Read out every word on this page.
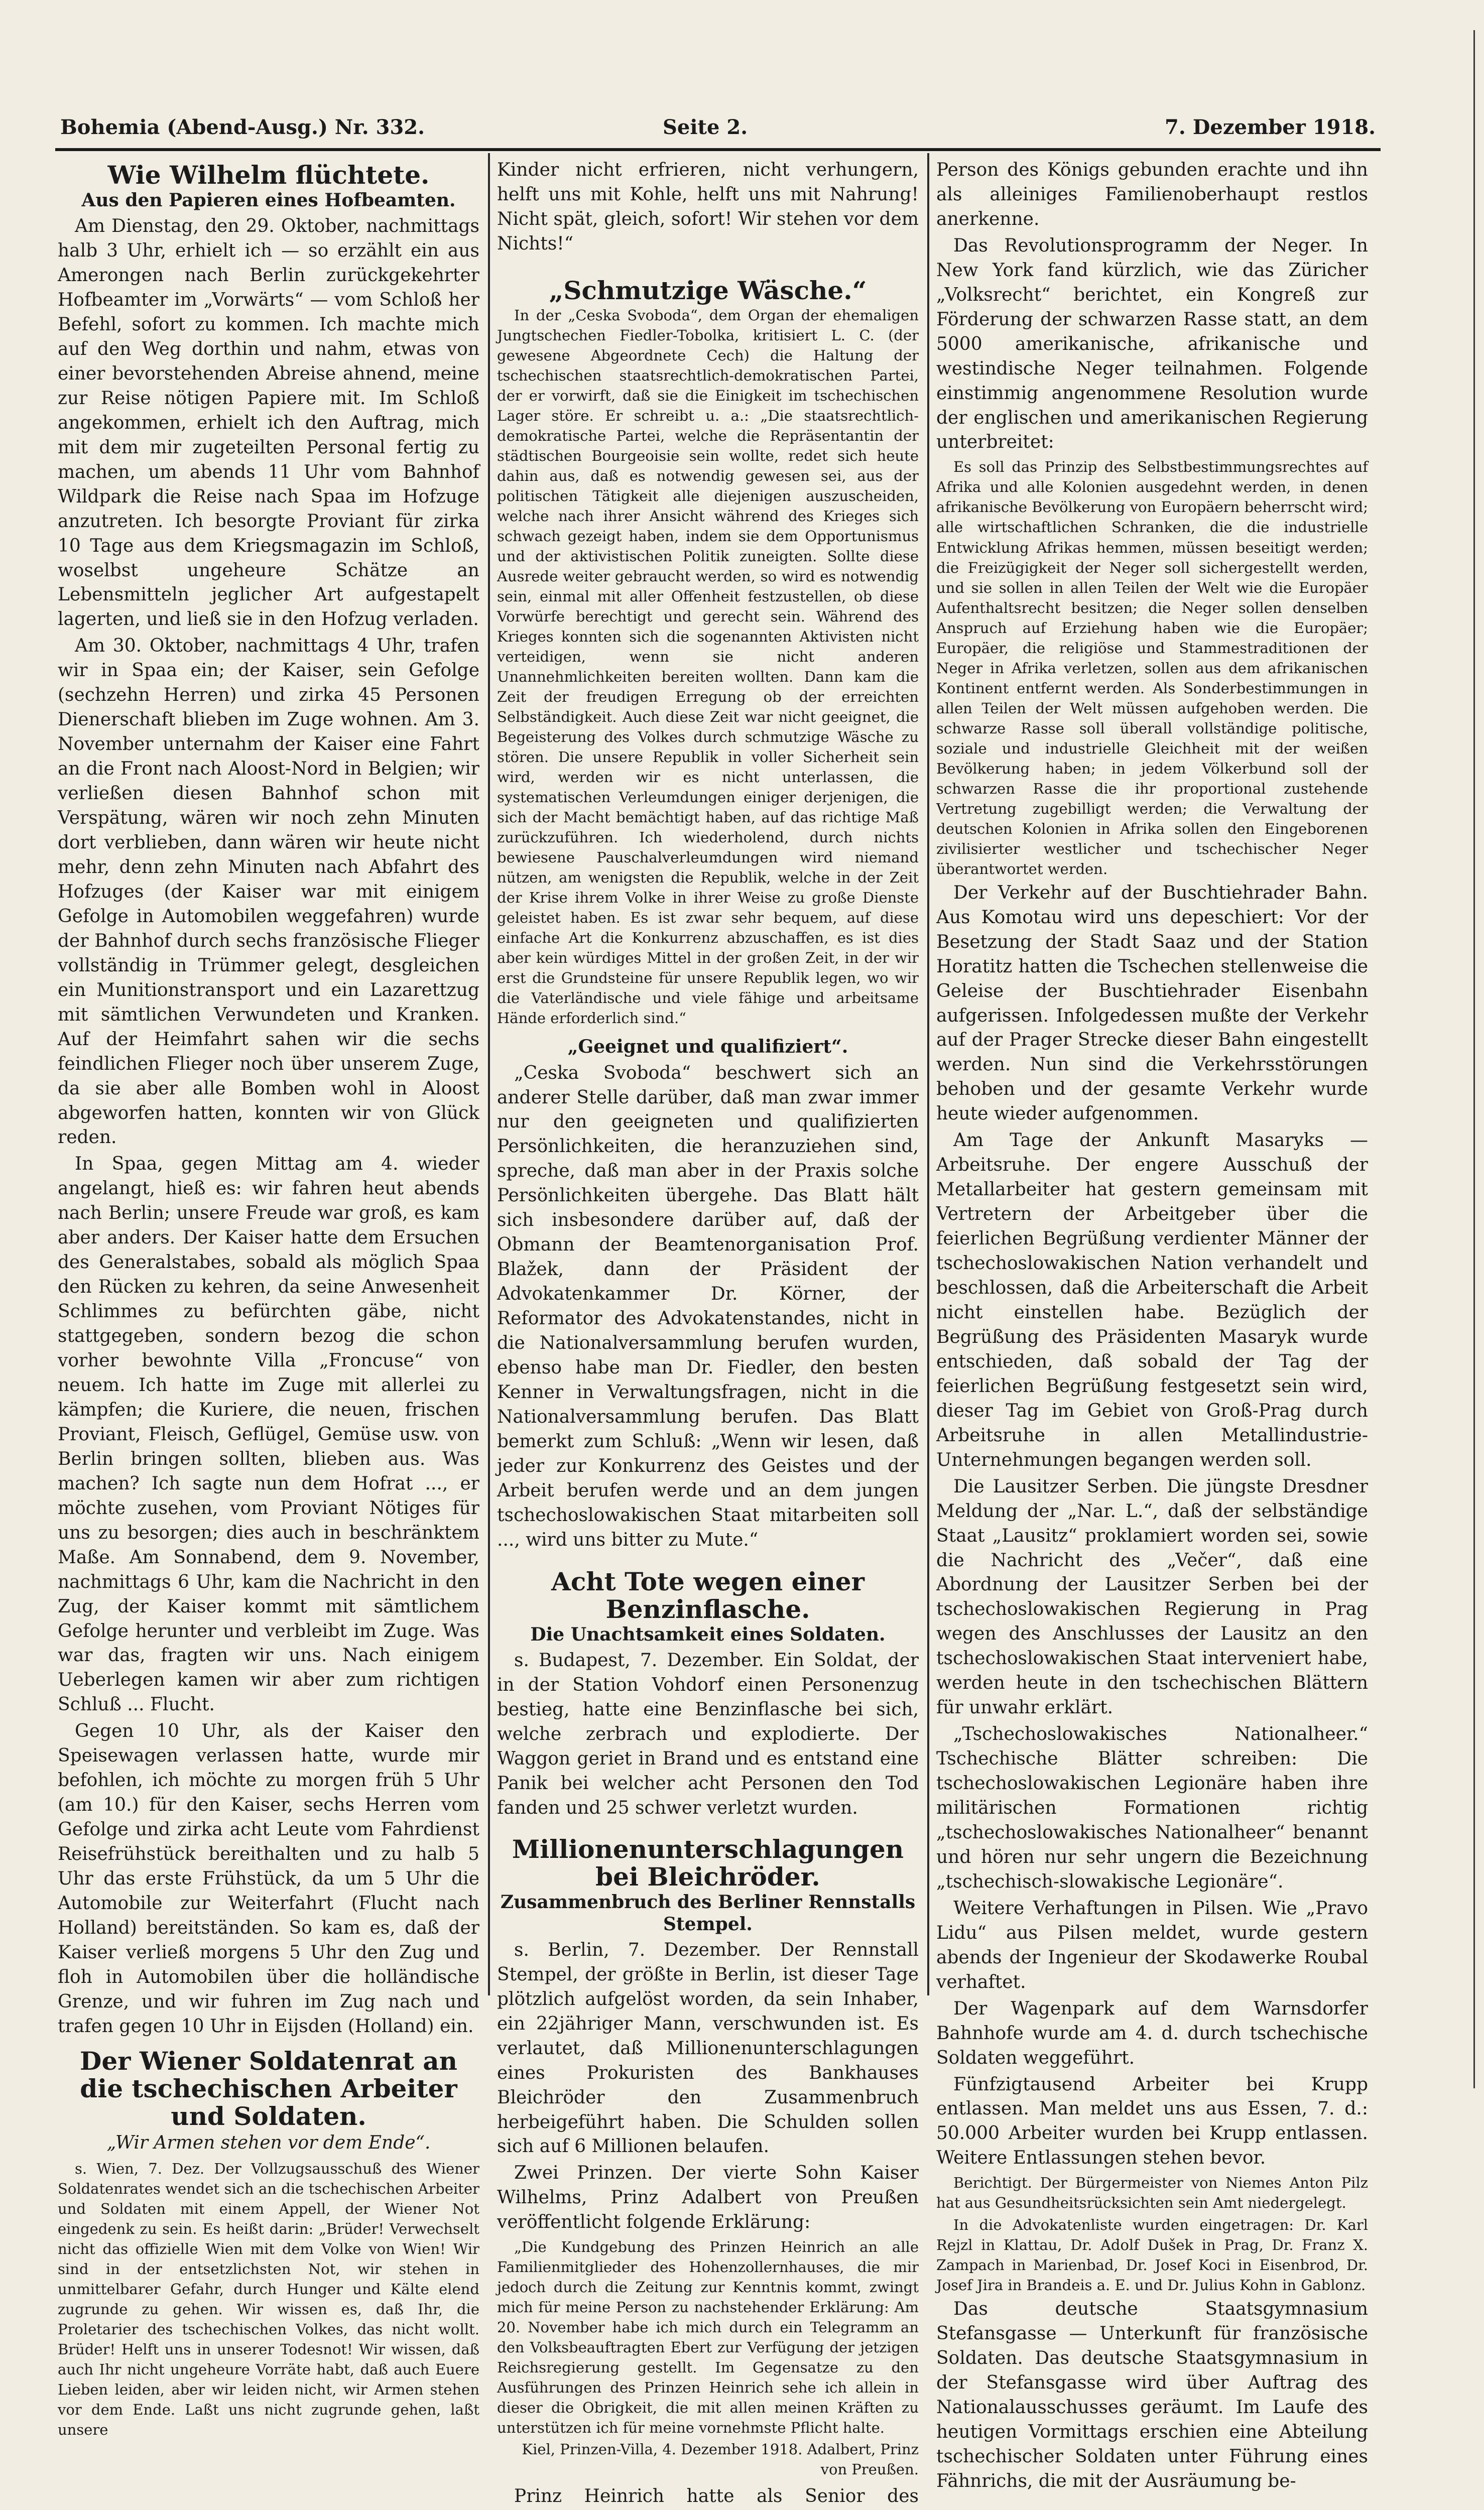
Bohemia (Abend-Ausg.) Nr. 332.	Seite 2.	7. Dezember 1918.
Wie Wilhelm flüchtete.
Aus den Papieren eines Hofbeamten.

Am Dienstag, den 29. Oktober, nachmittags halb 3 Uhr, erhielt ich — so erzählt ein aus Amerongen nach Berlin zurückgekehrter Hofbeamter im „Vorwärts“ — vom Schloß her Befehl, sofort zu kommen. Ich machte mich auf den Weg dorthin und nahm, etwas von einer bevorstehenden Abreise ahnend, meine zur Reise nötigen Papiere mit. Im Schloß angekommen, erhielt ich den Auftrag, mich mit dem mir zugeteilten Personal fertig zu machen, um abends 11 Uhr vom Bahnhof Wildpark die Reise nach Spaa im Hofzuge anzutreten. Ich besorgte Proviant für zirka 10 Tage aus dem Kriegsmagazin im Schloß, woselbst ungeheure Schätze an Lebensmitteln jeglicher Art aufgestapelt lagerten, und ließ sie in den Hofzug verladen.

Am 30. Oktober, nachmittags 4 Uhr, trafen wir in Spaa ein; der Kaiser, sein Gefolge (sechzehn Herren) und zirka 45 Personen Dienerschaft blieben im Zuge wohnen. Am 3. November unternahm der Kaiser eine Fahrt an die Front nach Aloost-Nord in Belgien; wir verließen diesen Bahnhof schon mit Verspätung, wären wir noch zehn Minuten dort verblieben, dann wären wir heute nicht mehr, denn zehn Minuten nach Abfahrt des Hofzuges (der Kaiser war mit einigem Gefolge in Automobilen weggefahren) wurde der Bahnhof durch sechs französische Flieger vollständig in Trümmer gelegt, desgleichen ein Munitionstransport und ein Lazarettzug mit sämtlichen Verwundeten und Kranken. Auf der Heimfahrt sahen wir die sechs feindlichen Flieger noch über unserem Zuge, da sie aber alle Bomben wohl in Aloost abgeworfen hatten, konnten wir von Glück reden.

In Spaa, gegen Mittag am 4. wieder angelangt, hieß es: wir fahren heut abends nach Berlin; unsere Freude war groß, es kam aber anders. Der Kaiser hatte dem Ersuchen des Generalstabes, sobald als möglich Spaa den Rücken zu kehren, da seine Anwesenheit Schlimmes zu befürchten gäbe, nicht stattgegeben, sondern bezog die schon vorher bewohnte Villa „Froncuse“ von neuem. Ich hatte im Zuge mit allerlei zu kämpfen; die Kuriere, die neuen, frischen Proviant, Fleisch, Geflügel, Gemüse usw. von Berlin bringen sollten, blieben aus. Was machen? Ich sagte nun dem Hofrat ..., er möchte zusehen, vom Proviant Nötiges für uns zu besorgen; dies auch in beschränktem Maße. Am Sonnabend, dem 9. November, nachmittags 6 Uhr, kam die Nachricht in den Zug, der Kaiser kommt mit sämtlichem Gefolge herunter und verbleibt im Zuge. Was war das, fragten wir uns. Nach einigem Ueberlegen kamen wir aber zum richtigen Schluß ... Flucht.

Gegen 10 Uhr, als der Kaiser den Speisewagen verlassen hatte, wurde mir befohlen, ich möchte zu morgen früh 5 Uhr (am 10.) für den Kaiser, sechs Herren vom Gefolge und zirka acht Leute vom Fahrdienst Reisefrühstück bereithalten und zu halb 5 Uhr das erste Frühstück, da um 5 Uhr die Automobile zur Weiterfahrt (Flucht nach Holland) bereitständen. So kam es, daß der Kaiser verließ morgens 5 Uhr den Zug und floh in Automobilen über die holländische Grenze, und wir fuhren im Zug nach und trafen gegen 10 Uhr in Eijsden (Holland) ein.

Der Wiener Soldatenrat an die tschechischen Arbeiter und Soldaten.
„Wir Armen stehen vor dem Ende“.

s. Wien, 7. Dez. Der Vollzugsausschuß des Wiener Soldatenrates wendet sich an die tschechischen Arbeiter und Soldaten mit einem Appell, der Wiener Not eingedenk zu sein. Es heißt darin: „Brüder! Verwechselt nicht das offizielle Wien mit dem Volke von Wien! Wir sind in der entsetzlichsten Not, wir stehen in unmittelbarer Gefahr, durch Hunger und Kälte elend zugrunde zu gehen. Wir wissen es, daß Ihr, die Proletarier des tschechischen Volkes, das nicht wollt. Brüder! Helft uns in unserer Todesnot! Wir wissen, daß auch Ihr nicht ungeheure Vorräte habt, daß auch Euere Lieben leiden, aber wir leiden nicht, wir Armen stehen vor dem Ende. Laßt uns nicht zugrunde gehen, laßt unsere

Kinder nicht erfrieren, nicht verhungern, helft uns mit Kohle, helft uns mit Nahrung! Nicht spät, gleich, sofort! Wir stehen vor dem Nichts!“

„Schmutzige Wäsche.“

In der „Ceska Svoboda“, dem Organ der ehemaligen Jungtschechen Fiedler-Tobolka, kritisiert L. C. (der gewesene Abgeordnete Cech) die Haltung der tschechischen staatsrechtlich-demokratischen Partei, der er vorwirft, daß sie die Einigkeit im tschechischen Lager störe. Er schreibt u. a.: „Die staatsrechtlich-demokratische Partei, welche die Repräsentantin der städtischen Bourgeoisie sein wollte, redet sich heute dahin aus, daß es notwendig gewesen sei, aus der politischen Tätigkeit alle diejenigen auszuscheiden, welche nach ihrer Ansicht während des Krieges sich schwach gezeigt haben, indem sie dem Opportunismus und der aktivistischen Politik zuneigten. Sollte diese Ausrede weiter gebraucht werden, so wird es notwendig sein, einmal mit aller Offenheit festzustellen, ob diese Vorwürfe berechtigt und gerecht sein. Während des Krieges konnten sich die sogenannten Aktivisten nicht verteidigen, wenn sie nicht anderen Unannehmlichkeiten bereiten wollten. Dann kam die Zeit der freudigen Erregung ob der erreichten Selbständigkeit. Auch diese Zeit war nicht geeignet, die Begeisterung des Volkes durch schmutzige Wäsche zu stören. Die unsere Republik in voller Sicherheit sein wird, werden wir es nicht unterlassen, die systematischen Verleumdungen einiger derjenigen, die sich der Macht bemächtigt haben, auf das richtige Maß zurückzuführen. Ich wiederholend, durch nichts bewiesene Pauschalverleumdungen wird niemand nützen, am wenigsten die Republik, welche in der Zeit der Krise ihrem Volke in ihrer Weise zu große Dienste geleistet haben. Es ist zwar sehr bequem, auf diese einfache Art die Konkurrenz abzuschaffen, es ist dies aber kein würdiges Mittel in der großen Zeit, in der wir erst die Grundsteine für unsere Republik legen, wo wir die Vaterländische und viele fähige und arbeitsame Hände erforderlich sind.“

„Geeignet und qualifiziert“.

„Ceska Svoboda“ beschwert sich an anderer Stelle darüber, daß man zwar immer nur den geeigneten und qualifizierten Persönlichkeiten, die heranzuziehen sind, spreche, daß man aber in der Praxis solche Persönlichkeiten übergehe. Das Blatt hält sich insbesondere darüber auf, daß der Obmann der Beamtenorganisation Prof. Blažek, dann der Präsident der Advokatenkammer Dr. Körner, der Reformator des Advokatenstandes, nicht in die Nationalversammlung berufen wurden, ebenso habe man Dr. Fiedler, den besten Kenner in Verwaltungsfragen, nicht in die Nationalversammlung berufen. Das Blatt bemerkt zum Schluß: „Wenn wir lesen, daß jeder zur Konkurrenz des Geistes und der Arbeit berufen werde und an dem jungen tschechoslowakischen Staat mitarbeiten soll ..., wird uns bitter zu Mute.“

Acht Tote wegen einer Benzinflasche.
Die Unachtsamkeit eines Soldaten.

s. Budapest, 7. Dezember. Ein Soldat, der in der Station Vohdorf einen Personenzug bestieg, hatte eine Benzinflasche bei sich, welche zerbrach und explodierte. Der Waggon geriet in Brand und es entstand eine Panik bei welcher acht Personen den Tod fanden und 25 schwer verletzt wurden.

Millionenunterschlagungen bei Bleichröder.
Zusammenbruch des Berliner Rennstalls Stempel.

s. Berlin, 7. Dezember. Der Rennstall Stempel, der größte in Berlin, ist dieser Tage plötzlich aufgelöst worden, da sein Inhaber, ein 22jähriger Mann, verschwunden ist. Es verlautet, daß Millionenunterschlagungen eines Prokuristen des Bankhauses Bleichröder den Zusammenbruch herbeigeführt haben. Die Schulden sollen sich auf 6 Millionen belaufen.

Zwei Prinzen. Der vierte Sohn Kaiser Wilhelms, Prinz Adalbert von Preußen veröffentlicht folgende Erklärung:

„Die Kundgebung des Prinzen Heinrich an alle Familienmitglieder des Hohenzollernhauses, die mir jedoch durch die Zeitung zur Kenntnis kommt, zwingt mich für meine Person zu nachstehender Erklärung: Am 20. November habe ich mich durch ein Telegramm an den Volksbeauftragten Ebert zur Verfügung der jetzigen Reichsregierung gestellt. Im Gegensatze zu den Ausführungen des Prinzen Heinrich sehe ich allein in dieser die Obrigkeit, die mit allen meinen Kräften zu unterstützen ich für meine vornehmste Pflicht halte.

Kiel, Prinzen-Villa, 4. Dezember 1918. Adalbert, Prinz von Preußen.

Prinz Heinrich hatte als Senior des

Person des Königs gebunden erachte und ihn als alleiniges Familienoberhaupt restlos anerkenne.

Das Revolutionsprogramm der Neger. In New York fand kürzlich, wie das Züricher „Volksrecht“ berichtet, ein Kongreß zur Förderung der schwarzen Rasse statt, an dem 5000 amerikanische, afrikanische und westindische Neger teilnahmen. Folgende einstimmig angenommene Resolution wurde der englischen und amerikanischen Regierung unterbreitet:

Es soll das Prinzip des Selbstbestimmungsrechtes auf Afrika und alle Kolonien ausgedehnt werden, in denen afrikanische Bevölkerung von Europäern beherrscht wird; alle wirtschaftlichen Schranken, die die industrielle Entwicklung Afrikas hemmen, müssen beseitigt werden; die Freizügigkeit der Neger soll sichergestellt werden, und sie sollen in allen Teilen der Welt wie die Europäer Aufenthaltsrecht besitzen; die Neger sollen denselben Anspruch auf Erziehung haben wie die Europäer; Europäer, die religiöse und Stammestraditionen der Neger in Afrika verletzen, sollen aus dem afrikanischen Kontinent entfernt werden. Als Sonderbestimmungen in allen Teilen der Welt müssen aufgehoben werden. Die schwarze Rasse soll überall vollständige politische, soziale und industrielle Gleichheit mit der weißen Bevölkerung haben; in jedem Völkerbund soll der schwarzen Rasse die ihr proportional zustehende Vertretung zugebilligt werden; die Verwaltung der deutschen Kolonien in Afrika sollen den Eingeborenen zivilisierter westlicher und tschechischer Neger überantwortet werden.

Der Verkehr auf der Buschtiehrader Bahn. Aus Komotau wird uns depeschiert: Vor der Besetzung der Stadt Saaz und der Station Horatitz hatten die Tschechen stellenweise die Geleise der Buschtiehrader Eisenbahn aufgerissen. Infolgedessen mußte der Verkehr auf der Prager Strecke dieser Bahn eingestellt werden. Nun sind die Verkehrsstörungen behoben und der gesamte Verkehr wurde heute wieder aufgenommen.

Am Tage der Ankunft Masaryks — Arbeitsruhe. Der engere Ausschuß der Metallarbeiter hat gestern gemeinsam mit Vertretern der Arbeitgeber über die feierlichen Begrüßung verdienter Männer der tschechoslowakischen Nation verhandelt und beschlossen, daß die Arbeiterschaft die Arbeit nicht einstellen habe. Bezüglich der Begrüßung des Präsidenten Masaryk wurde entschieden, daß sobald der Tag der feierlichen Begrüßung festgesetzt sein wird, dieser Tag im Gebiet von Groß-Prag durch Arbeitsruhe in allen Metallindustrie-Unternehmungen begangen werden soll.

Die Lausitzer Serben. Die jüngste Dresdner Meldung der „Nar. L.“, daß der selbständige Staat „Lausitz“ proklamiert worden sei, sowie die Nachricht des „Večer“, daß eine Abordnung der Lausitzer Serben bei der tschechoslowakischen Regierung in Prag wegen des Anschlusses der Lausitz an den tschechoslowakischen Staat interveniert habe, werden heute in den tschechischen Blättern für unwahr erklärt.

„Tschechoslowakisches Nationalheer.“ Tschechische Blätter schreiben: Die tschechoslowakischen Legionäre haben ihre militärischen Formationen richtig „tschechoslowakisches Nationalheer“ benannt und hören nur sehr ungern die Bezeichnung „tschechisch-slowakische Legionäre“.

Weitere Verhaftungen in Pilsen. Wie „Pravo Lidu“ aus Pilsen meldet, wurde gestern abends der Ingenieur der Skodawerke Roubal verhaftet.

Der Wagenpark auf dem Warnsdorfer Bahnhofe wurde am 4. d. durch tschechische Soldaten weggeführt.

Fünfzigtausend Arbeiter bei Krupp entlassen. Man meldet uns aus Essen, 7. d.: 50.000 Arbeiter wurden bei Krupp entlassen. Weitere Entlassungen stehen bevor.

Berichtigt. Der Bürgermeister von Niemes Anton Pilz hat aus Gesundheitsrücksichten sein Amt niedergelegt.

In die Advokatenliste wurden eingetragen: Dr. Karl Rejzl in Klattau, Dr. Adolf Dušek in Prag, Dr. Franz X. Zampach in Marienbad, Dr. Josef Koci in Eisenbrod, Dr. Josef Jira in Brandeis a. E. und Dr. Julius Kohn in Gablonz.

Das deutsche Staatsgymnasium Stefansgasse — Unterkunft für französische Soldaten. Das deutsche Staatsgymnasium in der Stefansgasse wird über Auftrag des Nationalausschusses geräumt. Im Laufe des heutigen Vormittags erschien eine Abteilung tschechischer Soldaten unter Führung eines Fähnrichs, die mit der Ausräumung be-
